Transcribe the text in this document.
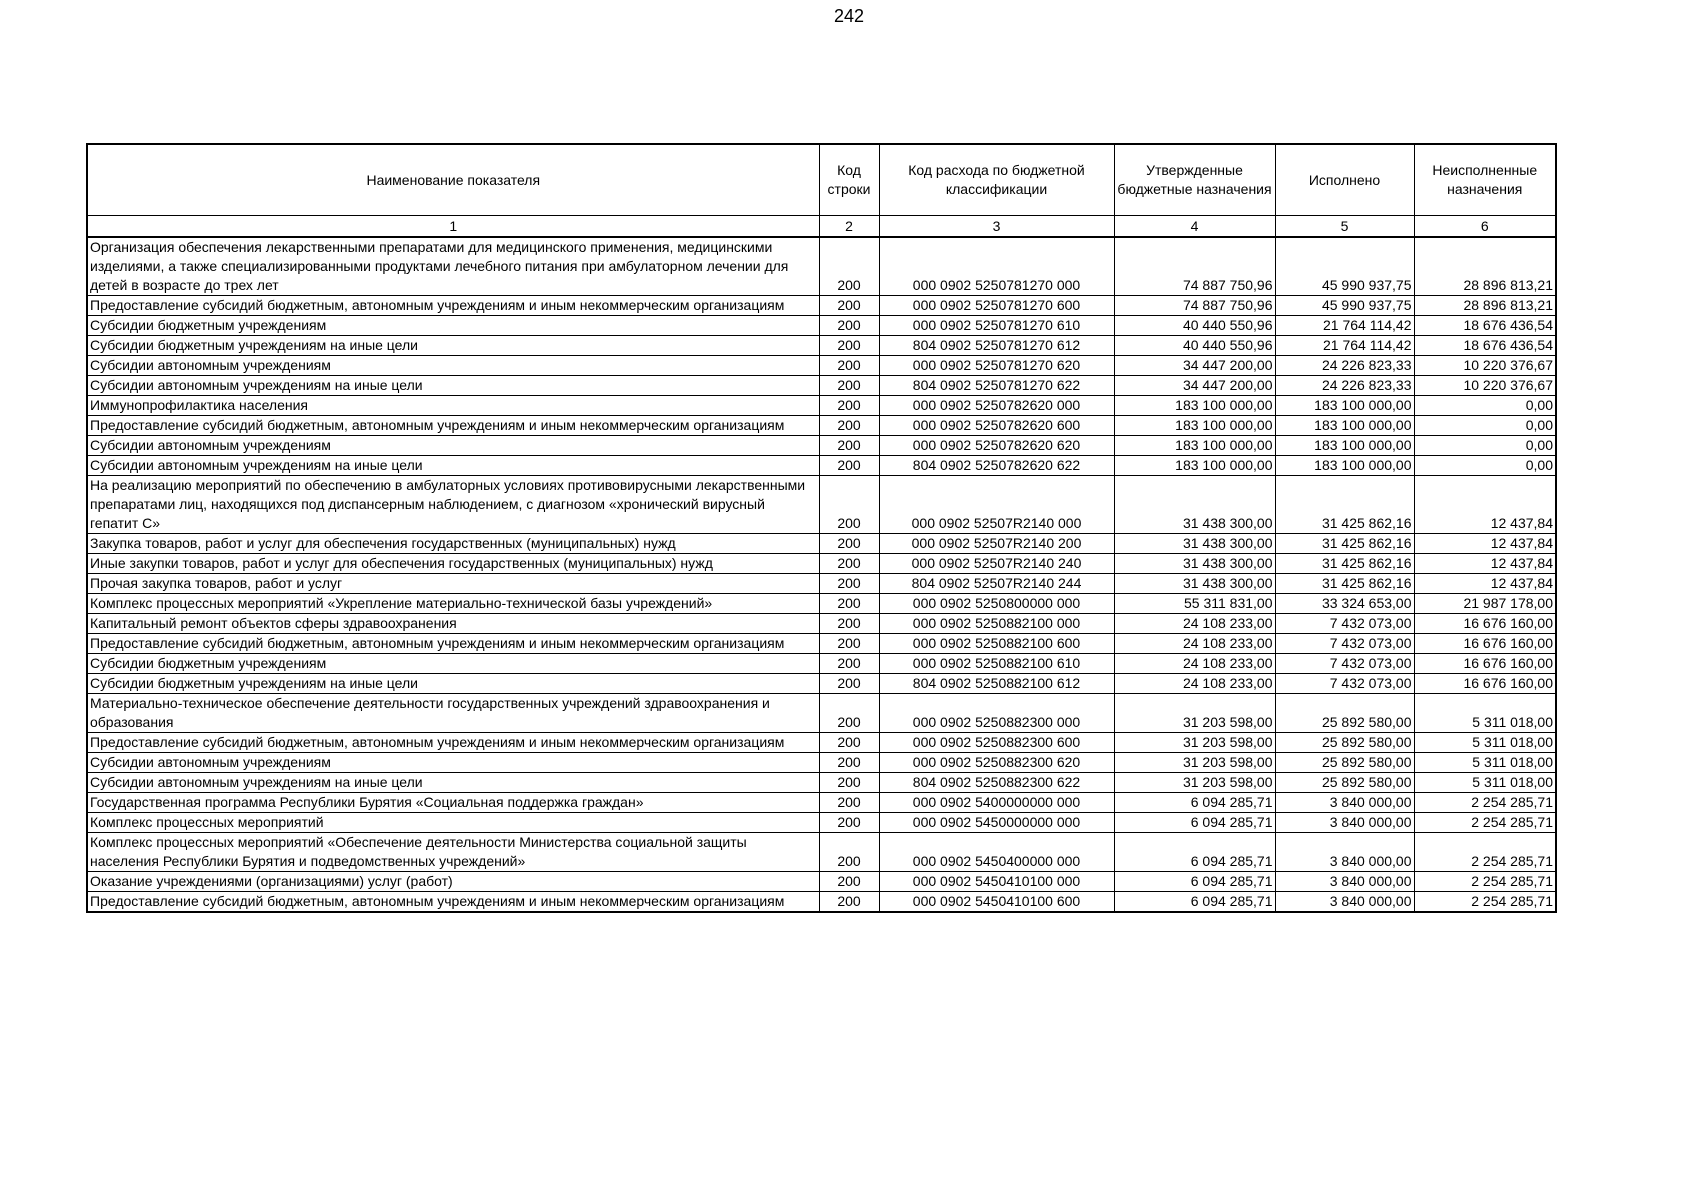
242
Наименование показателя	Код строки	Код расхода по бюджетной классификации	Утвержденные бюджетные назначения	Исполнено	Неисполненные назначения
1	2	3	4	5	6
Организация обеспечения лекарственными препаратами для медицинского применения, медицинскими изделиями, а также специализированными продуктами лечебного питания при амбулаторном лечении для детей в возрасте до трех лет	200	000 0902 5250781270 000	74 887 750,96	45 990 937,75	28 896 813,21
Предоставление субсидий бюджетным, автономным учреждениям и иным некоммерческим организациям	200	000 0902 5250781270 600	74 887 750,96	45 990 937,75	28 896 813,21
Субсидии бюджетным учреждениям	200	000 0902 5250781270 610	40 440 550,96	21 764 114,42	18 676 436,54
Субсидии бюджетным учреждениям на иные цели	200	804 0902 5250781270 612	40 440 550,96	21 764 114,42	18 676 436,54
Субсидии автономным учреждениям	200	000 0902 5250781270 620	34 447 200,00	24 226 823,33	10 220 376,67
Субсидии автономным учреждениям на иные цели	200	804 0902 5250781270 622	34 447 200,00	24 226 823,33	10 220 376,67
Иммунопрофилактика населения	200	000 0902 5250782620 000	183 100 000,00	183 100 000,00	0,00
Предоставление субсидий бюджетным, автономным учреждениям и иным некоммерческим организациям	200	000 0902 5250782620 600	183 100 000,00	183 100 000,00	0,00
Субсидии автономным учреждениям	200	000 0902 5250782620 620	183 100 000,00	183 100 000,00	0,00
Субсидии автономным учреждениям на иные цели	200	804 0902 5250782620 622	183 100 000,00	183 100 000,00	0,00
На реализацию мероприятий по обеспечению в амбулаторных условиях противовирусными лекарственными препаратами лиц, находящихся под диспансерным наблюдением, с диагнозом «хронический вирусный гепатит С»	200	000 0902 52507R2140 000	31 438 300,00	31 425 862,16	12 437,84
Закупка товаров, работ и услуг для обеспечения государственных (муниципальных) нужд	200	000 0902 52507R2140 200	31 438 300,00	31 425 862,16	12 437,84
Иные закупки товаров, работ и услуг для обеспечения государственных (муниципальных) нужд	200	000 0902 52507R2140 240	31 438 300,00	31 425 862,16	12 437,84
Прочая закупка товаров, работ и услуг	200	804 0902 52507R2140 244	31 438 300,00	31 425 862,16	12 437,84
Комплекс процессных мероприятий «Укрепление материально-технической базы учреждений»	200	000 0902 5250800000 000	55 311 831,00	33 324 653,00	21 987 178,00
Капитальный ремонт объектов сферы здравоохранения	200	000 0902 5250882100 000	24 108 233,00	7 432 073,00	16 676 160,00
Предоставление субсидий бюджетным, автономным учреждениям и иным некоммерческим организациям	200	000 0902 5250882100 600	24 108 233,00	7 432 073,00	16 676 160,00
Субсидии бюджетным учреждениям	200	000 0902 5250882100 610	24 108 233,00	7 432 073,00	16 676 160,00
Субсидии бюджетным учреждениям на иные цели	200	804 0902 5250882100 612	24 108 233,00	7 432 073,00	16 676 160,00
Материально-техническое обеспечение деятельности государственных учреждений здравоохранения и образования	200	000 0902 5250882300 000	31 203 598,00	25 892 580,00	5 311 018,00
Предоставление субсидий бюджетным, автономным учреждениям и иным некоммерческим организациям	200	000 0902 5250882300 600	31 203 598,00	25 892 580,00	5 311 018,00
Субсидии автономным учреждениям	200	000 0902 5250882300 620	31 203 598,00	25 892 580,00	5 311 018,00
Субсидии автономным учреждениям на иные цели	200	804 0902 5250882300 622	31 203 598,00	25 892 580,00	5 311 018,00
Государственная программа Республики Бурятия «Социальная поддержка граждан»	200	000 0902 5400000000 000	6 094 285,71	3 840 000,00	2 254 285,71
Комплекс процессных мероприятий	200	000 0902 5450000000 000	6 094 285,71	3 840 000,00	2 254 285,71
Комплекс процессных мероприятий «Обеспечение деятельности Министерства социальной защиты населения Республики Бурятия и подведомственных учреждений»	200	000 0902 5450400000 000	6 094 285,71	3 840 000,00	2 254 285,71
Оказание учреждениями (организациями) услуг (работ)	200	000 0902 5450410100 000	6 094 285,71	3 840 000,00	2 254 285,71
Предоставление субсидий бюджетным, автономным учреждениям и иным некоммерческим организациям	200	000 0902 5450410100 600	6 094 285,71	3 840 000,00	2 254 285,71
